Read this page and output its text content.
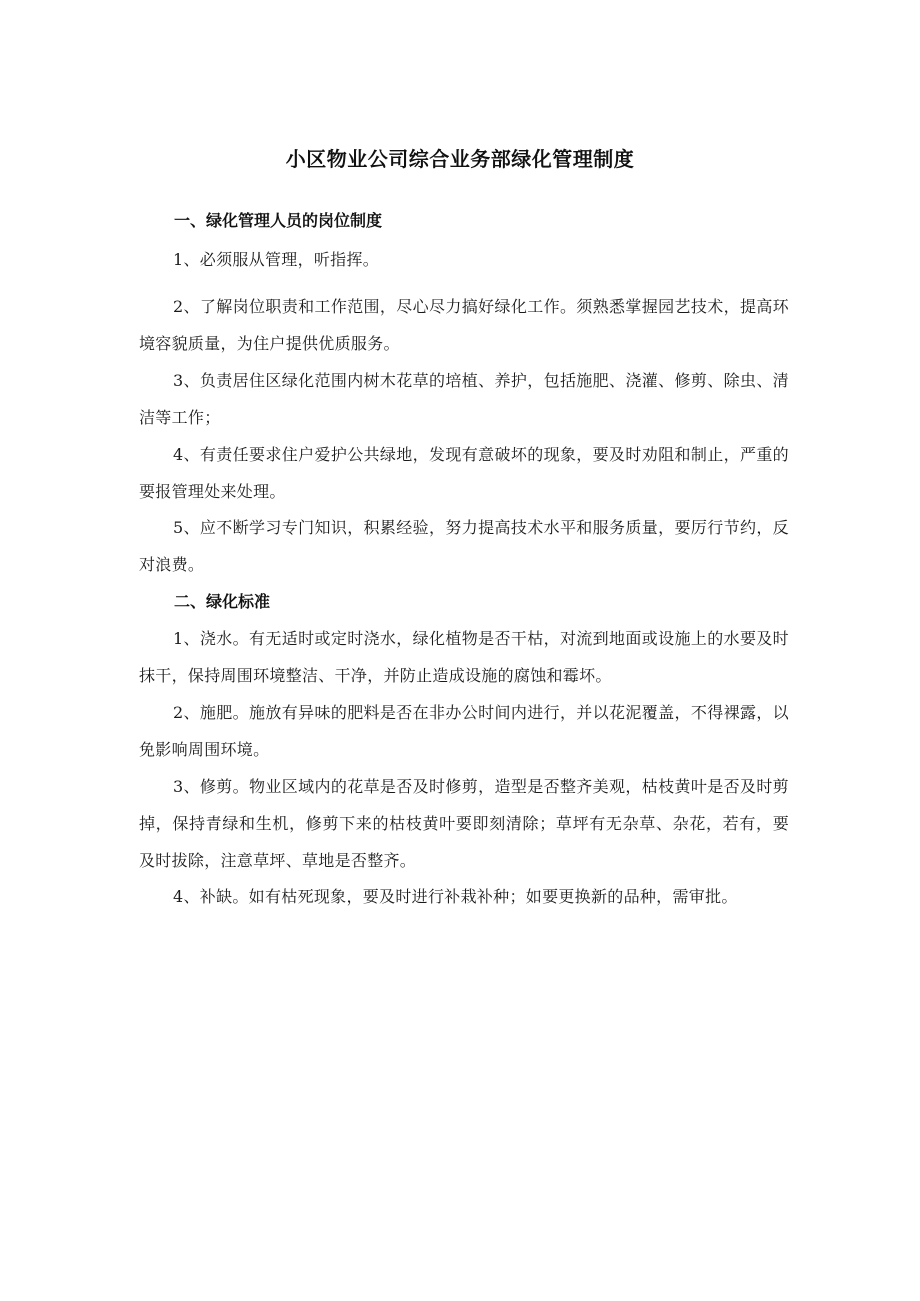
小区物业公司综合业务部绿化管理制度
一、绿化管理人员的岗位制度

1、必须服从管理，听指挥。

2、了解岗位职责和工作范围，尽心尽力搞好绿化工作。须熟悉掌握园艺技术，提高环境容貌质量，为住户提供优质服务。

3、负责居住区绿化范围内树木花草的培植、养护，包括施肥、浇灌、修剪、除虫、清洁等工作；

4、有责任要求住户爱护公共绿地，发现有意破坏的现象，要及时劝阻和制止，严重的要报管理处来处理。

5、应不断学习专门知识，积累经验，努力提高技术水平和服务质量，要厉行节约，反对浪费。

二、绿化标准

1、浇水。有无适时或定时浇水，绿化植物是否干枯，对流到地面或设施上的水要及时抹干，保持周围环境整洁、干净，并防止造成设施的腐蚀和霉坏。

2、施肥。施放有异味的肥料是否在非办公时间内进行，并以花泥覆盖，不得裸露，以免影响周围环境。

3、修剪。物业区域内的花草是否及时修剪，造型是否整齐美观，枯枝黄叶是否及时剪掉，保持青绿和生机，修剪下来的枯枝黄叶要即刻清除；草坪有无杂草、杂花，若有，要及时拔除，注意草坪、草地是否整齐。

4、补缺。如有枯死现象，要及时进行补栽补种；如要更换新的品种，需审批。
